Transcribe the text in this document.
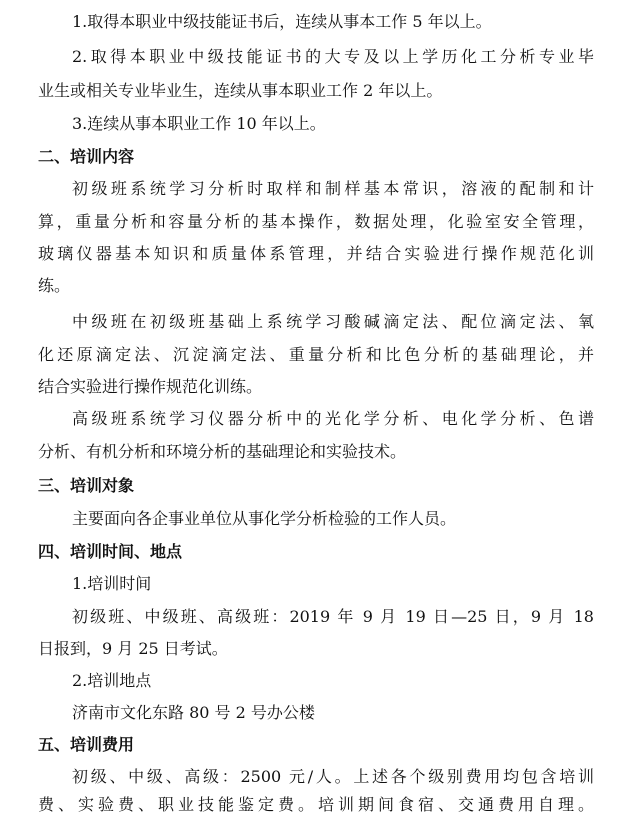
1.取得本职业中级技能证书后，连续从事本工作 5 年以上。
2.取得本职业中级技能证书的大专及以上学历化工分析专业毕
业生或相关专业毕业生，连续从事本职业工作 2 年以上。
3.连续从事本职业工作 10 年以上。
二、培训内容
初级班系统学习分析时取样和制样基本常识，溶液的配制和计
算，重量分析和容量分析的基本操作，数据处理，化验室安全管理，
玻璃仪器基本知识和质量体系管理，并结合实验进行操作规范化训
练。
中级班在初级班基础上系统学习酸碱滴定法、配位滴定法、氧
化还原滴定法、沉淀滴定法、重量分析和比色分析的基础理论，并
结合实验进行操作规范化训练。
高级班系统学习仪器分析中的光化学分析、电化学分析、色谱
分析、有机分析和环境分析的基础理论和实验技术。
三、培训对象
主要面向各企事业单位从事化学分析检验的工作人员。
四、培训时间、地点
1.培训时间
初级班、中级班、高级班：2019 年 9 月 19 日—25 日，9 月 18
日报到，9 月 25 日考试。
2.培训地点
济南市文化东路 80 号 2 号办公楼
五、培训费用
初级、中级、高级：2500 元/人。上述各个级别费用均包含培训
费、实验费、职业技能鉴定费。培训期间食宿、交通费用自理。
